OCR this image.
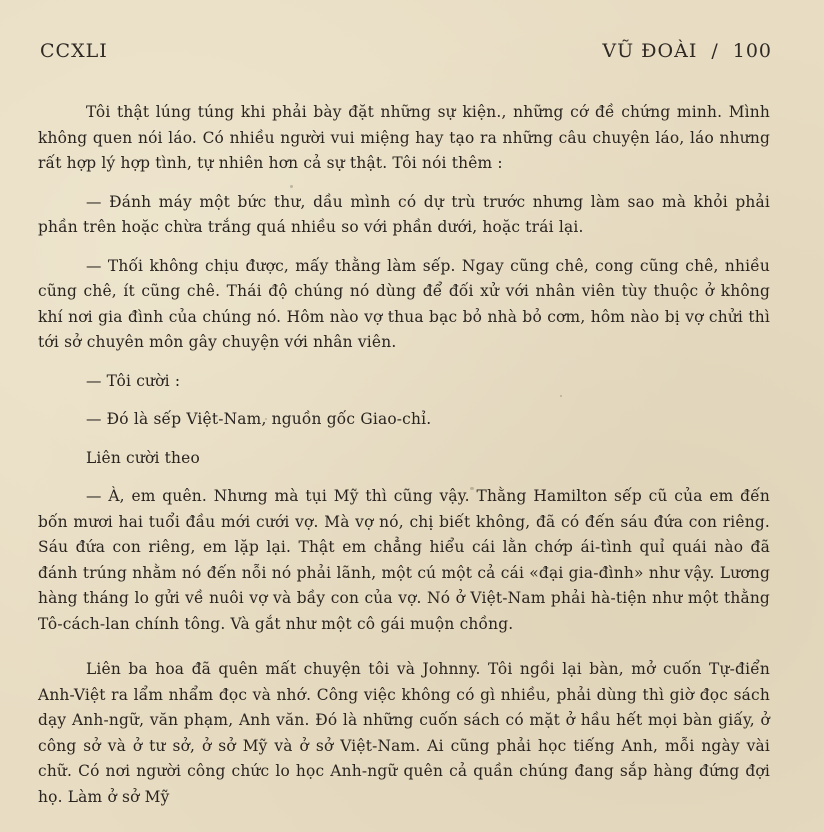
CCXLI	VŨ ĐOÀI / 100

Tôi thật lúng túng khi phải bày đặt những sự kiện., những cớ đề chứng minh. Mình không quen nói láo. Có nhiều người vui miệng hay tạo ra những câu chuyện láo, láo nhưng rất hợp lý hợp tình, tự nhiên hơn cả sự thật. Tôi nói thêm :

— Đánh máy một bức thư, dầu mình có dự trù trước nhưng làm sao mà khỏi phải phần trên hoặc chừa trắng quá nhiều so với phần dưới, hoặc trái lại.

— Thối không chịu được, mấy thằng làm sếp. Ngay cũng chê, cong cũng chê, nhiều cũng chê, ít cũng chê. Thái độ chúng nó dùng để đối xử với nhân viên tùy thuộc ở không khí nơi gia đình của chúng nó. Hôm nào vợ thua bạc bỏ nhà bỏ cơm, hôm nào bị vợ chửi thì tới sở chuyên môn gây chuyện với nhân viên.

— Tôi cười :

— Đó là sếp Việt-Nam, nguồn gốc Giao-chỉ.

Liên cười theo

— À, em quên. Nhưng mà tụi Mỹ thì cũng vậy. Thằng Hamilton sếp cũ của em đến bốn mươi hai tuổi đầu mới cưới vợ. Mà vợ nó, chị biết không, đã có đến sáu đứa con riêng. Sáu đứa con riêng, em lặp lại. Thật em chẳng hiểu cái lằn chớp ái-tình quỉ quái nào đã đánh trúng nhằm nó đến nỗi nó phải lãnh, một cú một cả cái «đại gia-đình» như vậy. Lương hàng tháng lo gửi về nuôi vợ và bầy con của vợ. Nó ở Việt-Nam phải hà-tiện như một thằng Tô-cách-lan chính tông. Và gắt như một cô gái muộn chồng.

Liên ba hoa đã quên mất chuyện tôi và Johnny. Tôi ngồi lại bàn, mở cuốn Tự-điển Anh-Việt ra lẩm nhẩm đọc và nhớ. Công việc không có gì nhiều, phải dùng thì giờ đọc sách dạy Anh-ngữ, văn phạm, Anh văn. Đó là những cuốn sách có mặt ở hầu hết mọi bàn giấy, ở công sở và ở tư sở, ở sở Mỹ và ở sở Việt-Nam. Ai cũng phải học tiếng Anh, mỗi ngày vài chữ. Có nơi người công chức lo học Anh-ngữ quên cả quần chúng đang sắp hàng đứng đợi họ. Làm ở sở Mỹ
